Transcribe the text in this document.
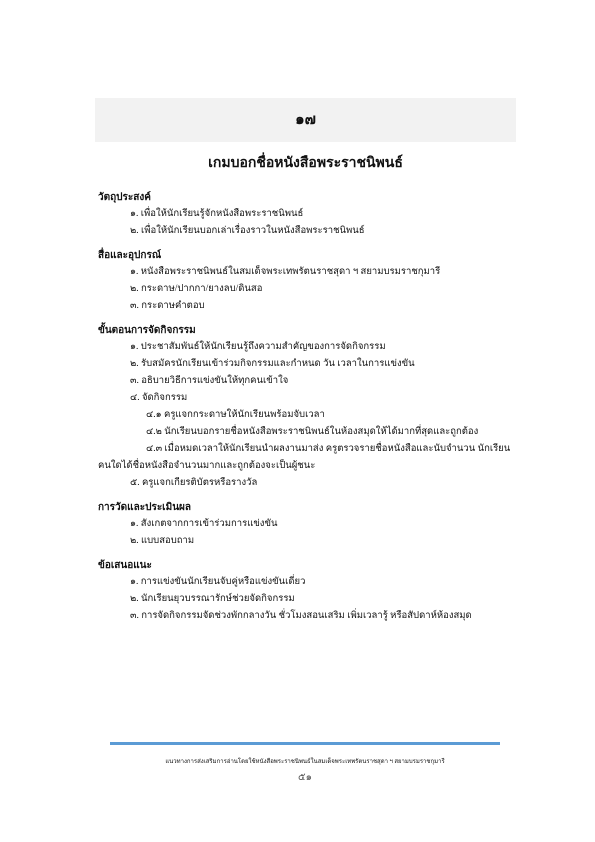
๑๗
เกมบอกชื่อหนังสือพระราชนิพนธ์
วัตถุประสงค์
๑. เพื่อให้นักเรียนรู้จักหนังสือพระราชนิพนธ์
๒. เพื่อให้นักเรียนบอกเล่าเรื่องราวในหนังสือพระราชนิพนธ์
สื่อและอุปกรณ์
๑. หนังสือพระราชนิพนธ์ในสมเด็จพระเทพรัตนราชสุดา ฯ สยามบรมราชกุมารี
๒. กระดาษ/ปากกา/ยางลบ/ดินสอ
๓. กระดาษคำตอบ
ขั้นตอนการจัดกิจกรรม
๑. ประชาสัมพันธ์ให้นักเรียนรู้ถึงความสำคัญของการจัดกิจกรรม
๒. รับสมัครนักเรียนเข้าร่วมกิจกรรมและกำหนด วัน เวลาในการแข่งขัน
๓. อธิบายวิธีการแข่งขันให้ทุกคนเข้าใจ
๔. จัดกิจกรรม
๔.๑ ครูแจกกระดาษให้นักเรียนพร้อมจับเวลา
๔.๒ นักเรียนบอกรายชื่อหนังสือพระราชนิพนธ์ในห้องสมุดให้ได้มากที่สุดและถูกต้อง
๔.๓ เมื่อหมดเวลาให้นักเรียนนำผลงานมาส่ง ครูตรวจรายชื่อหนังสือและนับจำนวน นักเรียนคนใดได้ชื่อหนังสือจำนวนมากและถูกต้องจะเป็นผู้ชนะ
๕. ครูแจกเกียรติบัตรหรือรางวัล
การวัดและประเมินผล
๑. สังเกตจากการเข้าร่วมการแข่งขัน
๒. แบบสอบถาม
ข้อเสนอแนะ
๑. การแข่งขันนักเรียนจับคู่หรือแข่งขันเดี่ยว
๒. นักเรียนยุวบรรณารักษ์ช่วยจัดกิจกรรม
๓. การจัดกิจกรรมจัดช่วงพักกลางวัน ชั่วโมงสอนเสริม เพิ่มเวลารู้ หรือสัปดาห์ห้องสมุด
แนวทางการส่งเสริมการอ่านโดยใช้หนังสือพระราชนิพนธ์ในสมเด็จพระเทพรัตนราชสุดา ฯ สยามบรมราชกุมารี
๕๑
